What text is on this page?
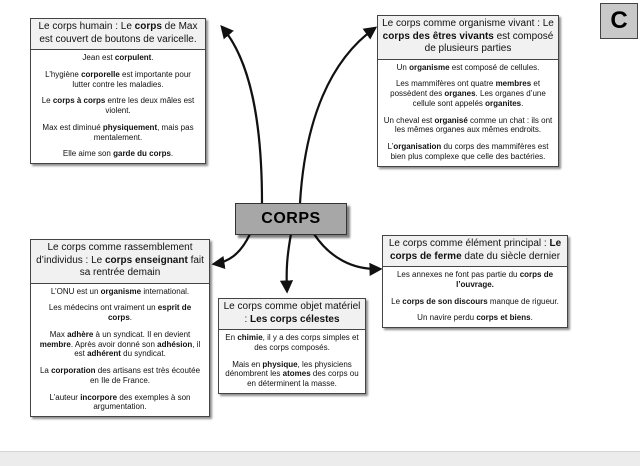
Le corps humain : Le corps de Max est couvert de boutons de varicelle.

Jean est corpulent.

L’hygiène corporelle est importante pour lutter contre les maladies.

Le corps à corps entre les deux mâles est violent.

Max est diminué physiquement, mais pas mentalement.

Elle aime son garde du corps.

Le corps comme organisme vivant : Le corps des êtres vivants est composé de plusieurs parties

Un organisme est composé de cellules.

Les mammifères ont quatre membres et possèdent des organes. Les organes d’une cellule sont appelés organites.

Un cheval est organisé comme un chat : ils ont les mêmes organes aux mêmes endroits.

L’organisation du corps des mammifères est bien plus complexe que celle des bactéries.

Le corps comme rassemblement d’individus : Le corps enseignant fait sa rentrée demain

L’ONU est un organisme international.

Les médecins ont vraiment un esprit de corps.

Max adhère à un syndicat. Il en devient membre. Après avoir donné son adhésion, il est adhérent du syndicat.

La corporation des artisans est très écoutée en Ile de France.

L’auteur incorpore des exemples à son argumentation.

Le corps comme objet matériel : Les corps célestes

En chimie, il y a des corps simples et des corps composés.

Mais en physique, les physiciens dénombrent les atomes des corps ou en déterminent la masse.

Le corps comme élément principal : Le corps de ferme date du siècle dernier

Les annexes ne font pas partie du corps de l’ouvrage.

Le corps de son discours manque de rigueur.

Un navire perdu corps et biens.

CORPS
C
